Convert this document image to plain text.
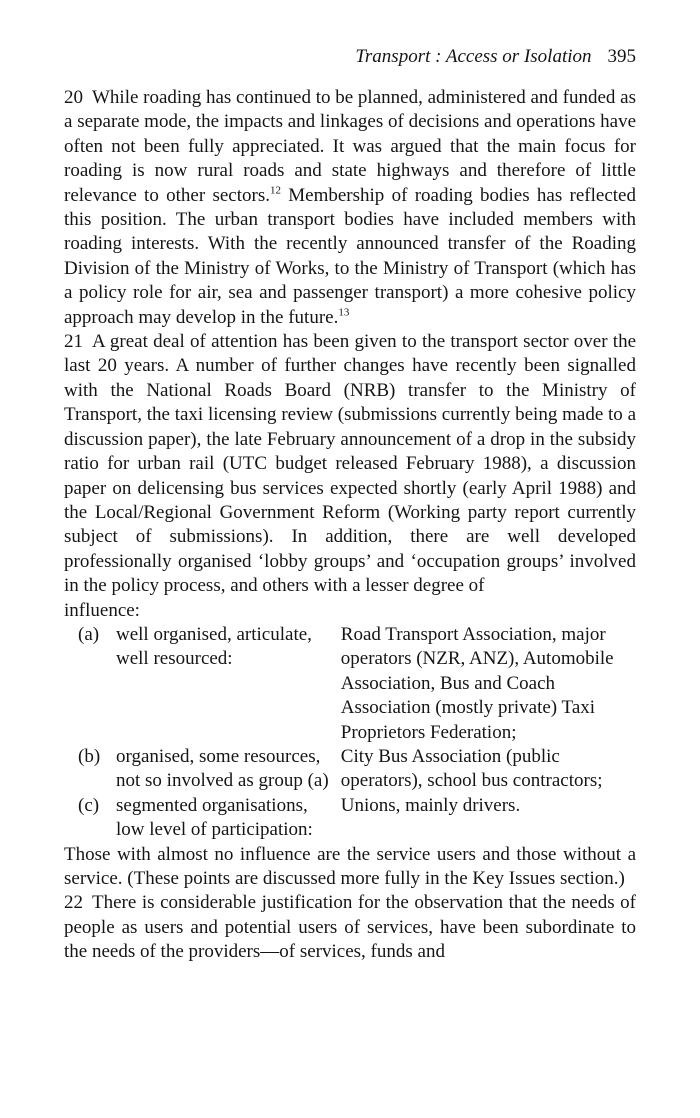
Transport : Access or Isolation 395

20 While roading has continued to be planned, administered and funded as a separate mode, the impacts and linkages of decisions and operations have often not been fully appreciated. It was argued that the main focus for roading is now rural roads and state highways and therefore of little relevance to other sectors.$^{12}$ Membership of roading bodies has reflected this position. The urban transport bodies have included members with roading interests. With the recently announced transfer of the Roading Division of the Ministry of Works, to the Ministry of Transport (which has a policy role for air, sea and passenger transport) a more cohesive policy approach may develop in the future.$^{13}$

21 A great deal of attention has been given to the transport sector over the last 20 years. A number of further changes have recently been signalled with the National Roads Board (NRB) transfer to the Ministry of Transport, the taxi licensing review (submissions currently being made to a discussion paper), the late February announcement of a drop in the subsidy ratio for urban rail (UTC budget released February 1988), a discussion paper on delicensing bus services expected shortly (early April 1988) and the Local/Regional Government Reform (Working party report currently subject of submissions). In addition, there are well developed professionally organised ‘lobby groups’ and ‘occupation groups’ involved in the policy process, and others with a lesser degree of

influence:

(a) well organised, articulate, well resourced:	Road Transport Association, major operators (NZR, ANZ), Automobile Association, Bus and Coach Association (mostly private) Taxi Proprietors Federation;

(b) organised, some resources, not so involved as group (a)	City Bus Association (public operators), school bus contractors;

(c) segmented organisations, low level of participation:	Unions, mainly drivers.

Those with almost no influence are the service users and those without a service. (These points are discussed more fully in the Key Issues section.)

22 There is considerable justification for the observation that the needs of people as users and potential users of services, have been subordinate to the needs of the providers—of services, funds and
